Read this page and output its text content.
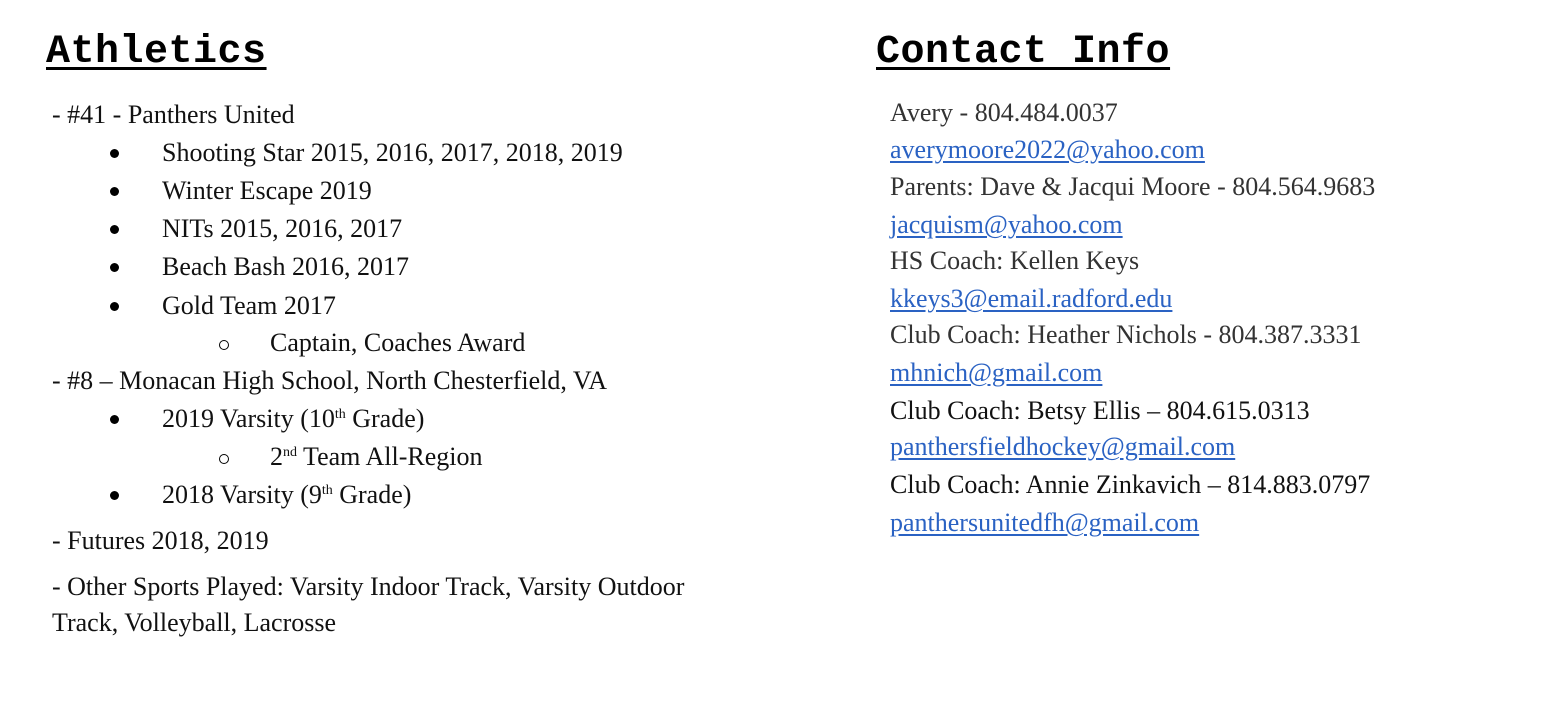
Athletics
- #41 - Panthers United
Shooting Star 2015, 2016, 2017, 2018, 2019
Winter Escape 2019
NITs 2015, 2016, 2017
Beach Bash 2016, 2017
Gold Team 2017
Captain, Coaches Award
- #8 – Monacan High School, North Chesterfield, VA
2019 Varsity (10th Grade)
2nd Team All-Region
2018 Varsity (9th Grade)
- Futures 2018, 2019
- Other Sports Played: Varsity Indoor Track, Varsity Outdoor
Track, Volleyball, Lacrosse
Contact Info
Avery - 804.484.0037
averymoore2022@yahoo.com
Parents: Dave & Jacqui Moore - 804.564.9683
jacquism@yahoo.com
HS Coach: Kellen Keys
kkeys3@email.radford.edu
Club Coach: Heather Nichols - 804.387.3331
mhnich@gmail.com
Club Coach: Betsy Ellis – 804.615.0313
panthersfieldhockey@gmail.com
Club Coach: Annie Zinkavich – 814.883.0797
panthersunitedfh@gmail.com
